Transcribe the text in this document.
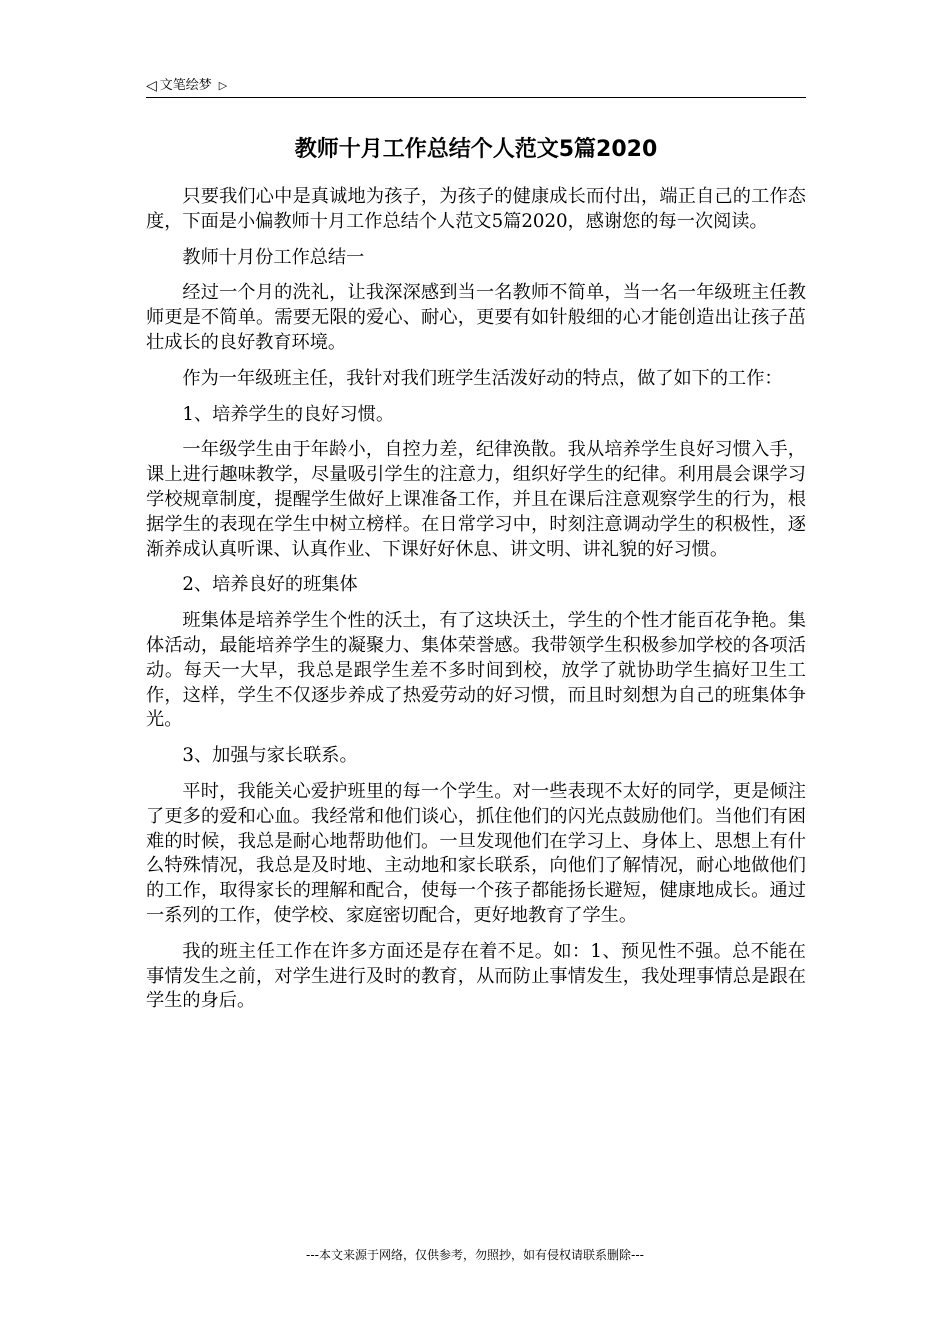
◁ 文笔绘梦 ▷
教师十月工作总结个人范文5篇2020

只要我们心中是真诚地为孩子，为孩子的健康成长而付出，端正自己的工作态度，下面是小偏教师十月工作总结个人范文5篇2020，感谢您的每一次阅读。

教师十月份工作总结一

经过一个月的洗礼，让我深深感到当一名教师不简单，当一名一年级班主任教师更是不简单。需要无限的爱心、耐心，更要有如针般细的心才能创造出让孩子茁壮成长的良好教育环境。

作为一年级班主任，我针对我们班学生活泼好动的特点，做了如下的工作：

1、培养学生的良好习惯。

一年级学生由于年龄小，自控力差，纪律涣散。我从培养学生良好习惯入手，课上进行趣味教学，尽量吸引学生的注意力，组织好学生的纪律。利用晨会课学习学校规章制度，提醒学生做好上课准备工作，并且在课后注意观察学生的行为，根据学生的表现在学生中树立榜样。在日常学习中，时刻注意调动学生的积极性，逐渐养成认真听课、认真作业、下课好好休息、讲文明、讲礼貌的好习惯。

2、培养良好的班集体

班集体是培养学生个性的沃土，有了这块沃土，学生的个性才能百花争艳。集体活动，最能培养学生的凝聚力、集体荣誉感。我带领学生积极参加学校的各项活动。每天一大早，我总是跟学生差不多时间到校，放学了就协助学生搞好卫生工作，这样，学生不仅逐步养成了热爱劳动的好习惯，而且时刻想为自己的班集体争光。

3、加强与家长联系。

平时，我能关心爱护班里的每一个学生。对一些表现不太好的同学，更是倾注了更多的爱和心血。我经常和他们谈心，抓住他们的闪光点鼓励他们。当他们有困难的时候，我总是耐心地帮助他们。一旦发现他们在学习上、身体上、思想上有什么特殊情况，我总是及时地、主动地和家长联系，向他们了解情况，耐心地做他们的工作，取得家长的理解和配合，使每一个孩子都能扬长避短，健康地成长。通过一系列的工作，使学校、家庭密切配合，更好地教育了学生。

我的班主任工作在许多方面还是存在着不足。如：1、预见性不强。总不能在事情发生之前，对学生进行及时的教育，从而防止事情发生，我处理事情总是跟在学生的身后。

---本文来源于网络，仅供参考，勿照抄，如有侵权请联系删除---
